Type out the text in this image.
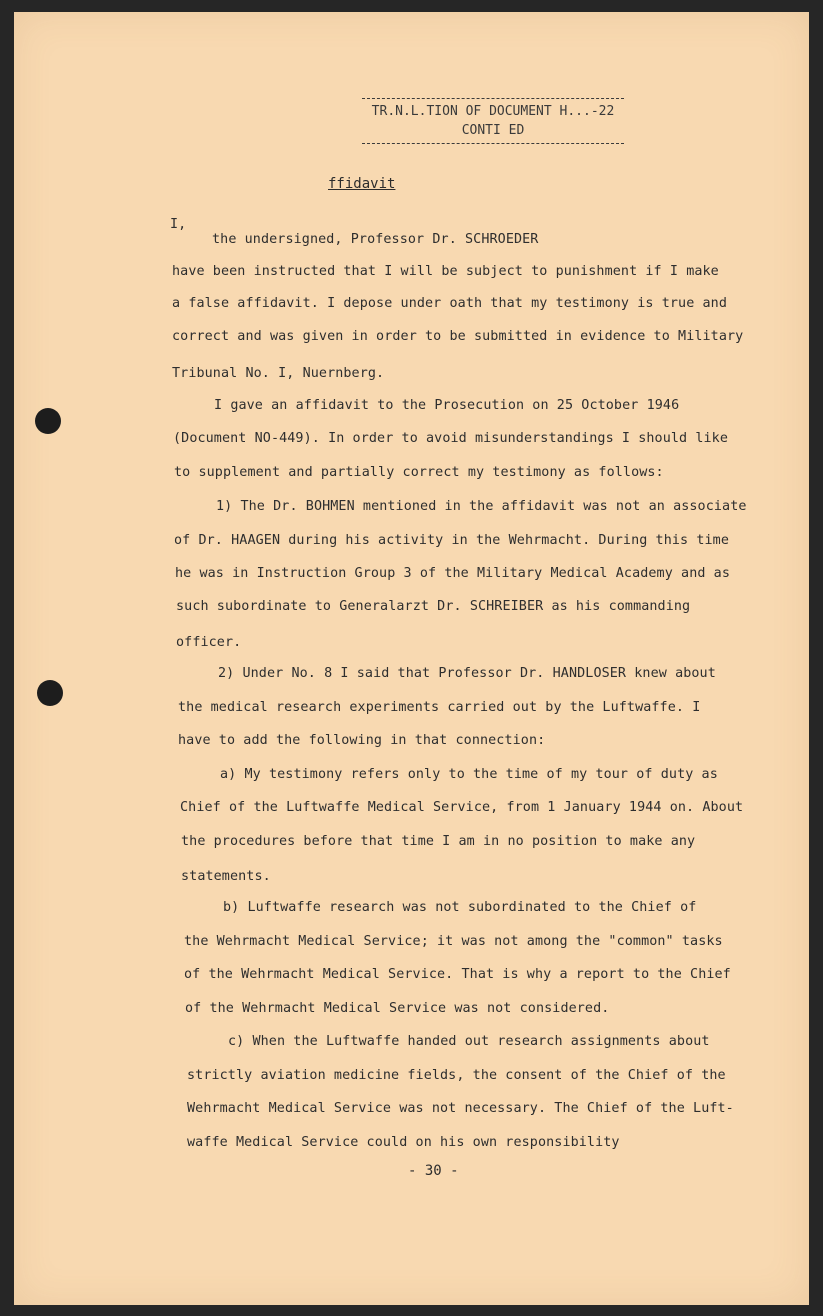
TR.N.L.TION OF DOCUMENT H...-22
CONTI ED
ffidavit
I,
the undersigned, Professor Dr. SCHROEDER
have been instructed that I will be subject to punishment if I make
a false affidavit. I depose under oath that my testimony is true and
correct and was given in order to be submitted in evidence to Military
Tribunal No. I, Nuernberg.
I gave an affidavit to the Prosecution on 25 October 1946
(Document NO-449). In order to avoid misunderstandings I should like
to supplement and partially correct my testimony as follows:
1) The Dr. BOHMEN mentioned in the affidavit was not an associate
of Dr. HAAGEN during his activity in the Wehrmacht. During this time
he was in Instruction Group 3 of the Military Medical Academy and as
such subordinate to Generalarzt Dr. SCHREIBER as his commanding
officer.
2) Under No. 8 I said that Professor Dr. HANDLOSER knew about
the medical research experiments carried out by the Luftwaffe. I
have to add the following in that connection:
a) My testimony refers only to the time of my tour of duty as
Chief of the Luftwaffe Medical Service, from 1 January 1944 on. About
the procedures before that time I am in no position to make any
statements.
b) Luftwaffe research was not subordinated to the Chief of
the Wehrmacht Medical Service; it was not among the "common" tasks
of the Wehrmacht Medical Service. That is why a report to the Chief
of the Wehrmacht Medical Service was not considered.
c) When the Luftwaffe handed out research assignments about
strictly aviation medicine fields, the consent of the Chief of the
Wehrmacht Medical Service was not necessary. The Chief of the Luft-
waffe Medical Service could on his own responsibility
- 30 -
